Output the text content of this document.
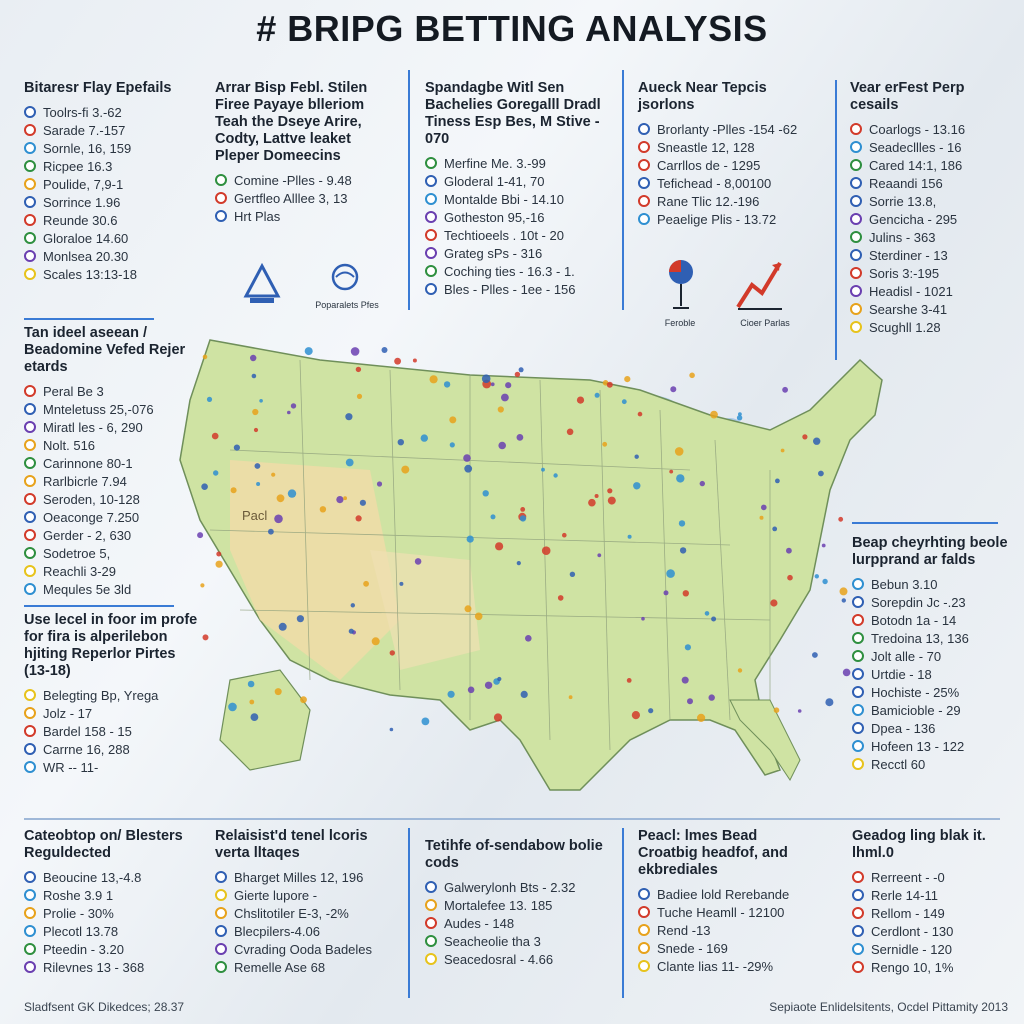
# BRIPG BETTING ANALYSIS
Bitaresr Flay Epefails
Toolrs-fi 3.-62
Sarade 7.-157
Sornle, 16, 159
Ricpee 16.3
Poulide, 7,9-1
Sorrince 1.96
Reunde 30.6
Gloraloe 14.60
Monlsea 20.30
Scales 13:13-18
Arrar Bisp Febl. Stilen Firee Payaye blleriom Teah the Dseye Arire, Codty, Lattve leaket Pleper Domeecins
Comine -Plles - 9.48
Gertfleo Alllee 3, 13
Hrt Plas
Spandagbe Witl Sen Bachelies Goregalll Dradl Tiness Esp Bes, M Stive - 070
Merfine Me. 3.-99
Gloderal 1-41, 70
Montalde Bbi - 14.10
Gotheston 95,-16
Techtioeels . 10t - 20
Grateg sPs - 316
Coching ties - 16.3 - 1.
Bles - Plles - 1ee - 156
Aueck Near Tepcis jsorlons
Brorlanty -Plles -154 -62
Sneastle 12, 128
Carrllos de - 1295
Tefichead - 8,00100
Rane Tlic 12.-196
Peaelige Plis - 13.72
Vear erFest Perp cesails
Coarlogs - 13.16
Seadecllles - 16
Cared 14:1, 186
Reaandi 156
Sorrie 13.8,
Gencicha - 295
Julins - 363
Sterdiner - 13
Soris 3:-195
Headisl - 1021
Searshe 3-41
Scughll 1.28
Tan ideel aseean / Beadomine Vefed Rejer etards
Peral Be 3
Mnteletuss 25,-076
Miratl les - 6, 290
Nolt. 516
Carinnone 80-1
Rarlbicrle 7.94
Seroden, 10-128
Oeaconge 7.250
Gerder - 2, 630
Sodetroe 5,
Reachli 3-29
Mequles 5e 3ld
Use lecel in foor im profe for fira is alperilebon hjiting Reperlor Pirtes (13-18)
Belegting Bp, Yrega
Jolz - 17
Bardel 158 - 15
Carrne 16, 288
WR -- 11-
Beap cheyrhting beole lurpprand ar falds
Bebun 3.10
Sorepdin Jc -.23
Botodn 1a - 14
Tredoina 13, 136
Jolt alle - 70
Urtdie - 18
Hochiste - 25%
Bamicioble - 29
Dpea - 136
Hofeen 13 - 122
Recctl 60
Cateobtop on/ Blesters Reguldected
Beoucine 13,-4.8
Roshe 3.9 1
Prolie - 30%
Plecotl 13.78
Pteedin - 3.20
Rilevnes 13 - 368
Relaisist'd tenel lcoris verta lltaqes
Bharget Milles 12, 196
Gierte lupore -
Chslitotiler E-3, -2%
Blecpilers-4.06
Cvrading Ooda Badeles
Remelle Ase 68
Tetihfe of-sendabow bolie cods
Galwerylonh Bts - 2.32
Mortalefee 13. 185
Audes - 148
Seacheolie tha 3
Seacedosral - 4.66
Peacl: lmes Bead Croatbig headfof, and ekbrediales
Badiee lold Rerebande
Tuche Heamll - 12100
Rend -13
Snede - 169
Clante lias 11- -29%
Geadog ling blak it. lhml.0
Rerreent - -0
Rerle 14-11
Rellom - 149
Cerdlont - 130
Sernidle - 120
Rengo 10, 1%
Poparalets Pfes
Feroble	Cioer Parlas
Pacl
Sladfsent GK Dikedces; 28.37	Sepiaote Enlidelsitents, Ocdel Pittamity 2013
